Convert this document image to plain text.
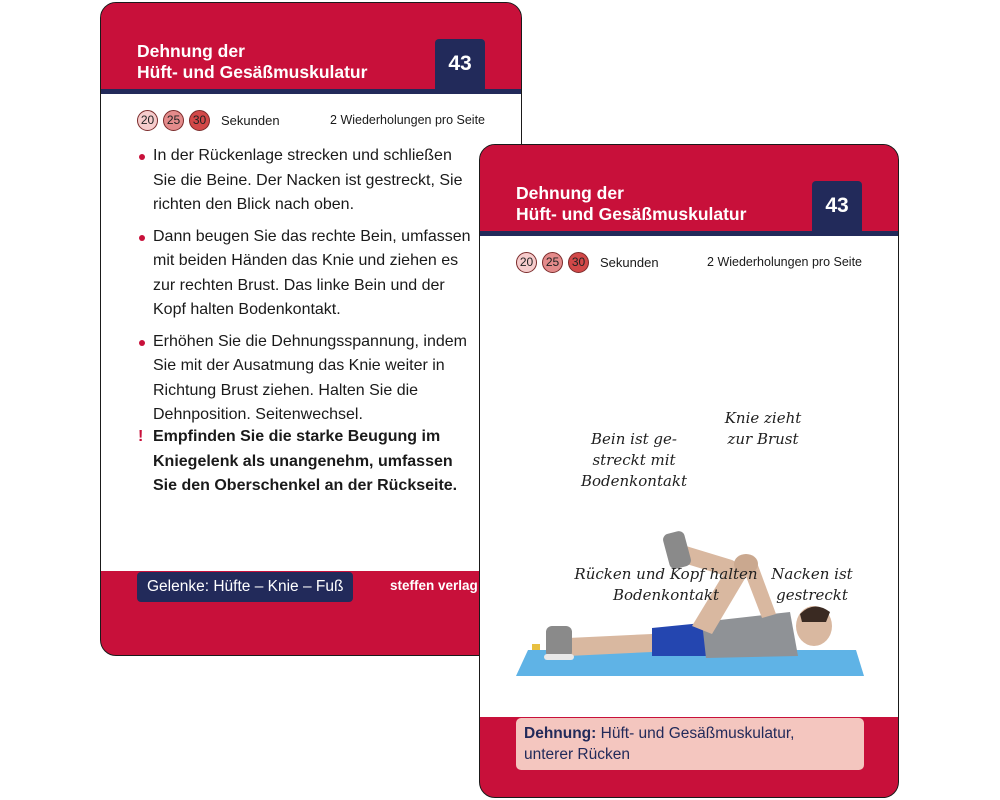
Dehnung der
Hüft- und Gesäßmuskulatur	43
20	25	30 Sekunden	2 Wiederholungen pro Seite
In der Rückenlage strecken und schließen Sie die Beine. Der Nacken ist gestreckt, Sie richten den Blick nach oben.
Dann beugen Sie das rechte Bein, umfassen mit beiden Händen das Knie und ziehen es zur rechten Brust. Das linke Bein und der Kopf halten Bodenkontakt.
Erhöhen Sie die Dehnungsspannung, indem Sie mit der Ausatmung das Knie weiter in Richtung Brust ziehen. Halten Sie die Dehnposition. Seitenwechsel.
! Empfinden Sie die starke Beugung im Kniegelenk als unangenehm, umfassen Sie den Oberschenkel an der Rückseite.
Gelenke: Hüfte – Knie – Fuß	steffen verlag
Dehnung der
Hüft- und Gesäßmuskulatur	43
20	25	30 Sekunden	2 Wiederholungen pro Seite
Bein ist ge-
streckt mit
Bodenkontakt
Knie zieht
zur Brust
Rücken und Kopf halten
Bodenkontakt
Nacken ist
gestreckt
Dehnung: Hüft- und Gesäßmuskulatur,
unterer Rücken
